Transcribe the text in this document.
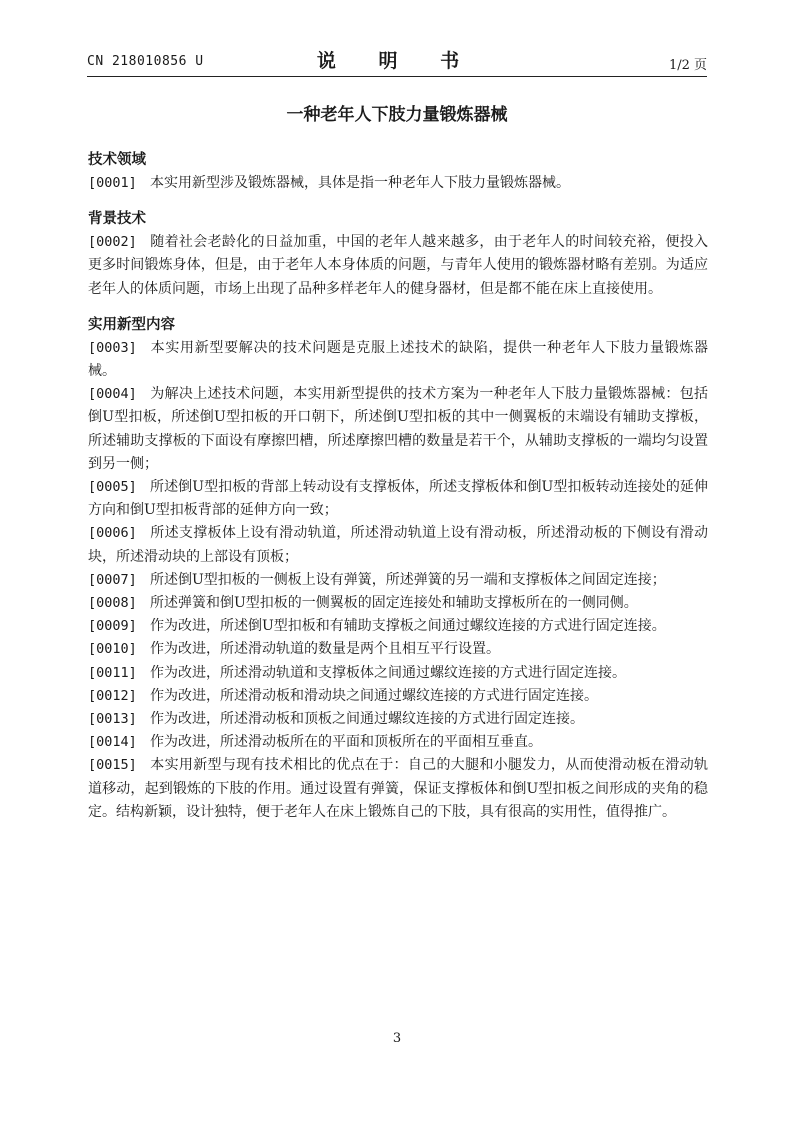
CN 218010856 U	说 明 书	1/2 页
一种老年人下肢力量锻炼器械
技术领域

[0001] 本实用新型涉及锻炼器械，具体是指一种老年人下肢力量锻炼器械。

背景技术

[0002] 随着社会老龄化的日益加重，中国的老年人越来越多，由于老年人的时间较充裕，便投入更多时间锻炼身体，但是，由于老年人本身体质的问题，与青年人使用的锻炼器材略有差别。为适应老年人的体质问题，市场上出现了品种多样老年人的健身器材，但是都不能在床上直接使用。

实用新型内容

[0003] 本实用新型要解决的技术问题是克服上述技术的缺陷，提供一种老年人下肢力量锻炼器械。

[0004] 为解决上述技术问题，本实用新型提供的技术方案为一种老年人下肢力量锻炼器械：包括倒U型扣板，所述倒U型扣板的开口朝下，所述倒U型扣板的其中一侧翼板的末端设有辅助支撑板，所述辅助支撑板的下面设有摩擦凹槽，所述摩擦凹槽的数量是若干个，从辅助支撑板的一端均匀设置到另一侧；

[0005] 所述倒U型扣板的背部上转动设有支撑板体，所述支撑板体和倒U型扣板转动连接处的延伸方向和倒U型扣板背部的延伸方向一致；

[0006] 所述支撑板体上设有滑动轨道，所述滑动轨道上设有滑动板，所述滑动板的下侧设有滑动块，所述滑动块的上部设有顶板；

[0007] 所述倒U型扣板的一侧板上设有弹簧，所述弹簧的另一端和支撑板体之间固定连接；

[0008] 所述弹簧和倒U型扣板的一侧翼板的固定连接处和辅助支撑板所在的一侧同侧。

[0009] 作为改进，所述倒U型扣板和有辅助支撑板之间通过螺纹连接的方式进行固定连接。

[0010] 作为改进，所述滑动轨道的数量是两个且相互平行设置。

[0011] 作为改进，所述滑动轨道和支撑板体之间通过螺纹连接的方式进行固定连接。

[0012] 作为改进，所述滑动板和滑动块之间通过螺纹连接的方式进行固定连接。

[0013] 作为改进，所述滑动板和顶板之间通过螺纹连接的方式进行固定连接。

[0014] 作为改进，所述滑动板所在的平面和顶板所在的平面相互垂直。

[0015] 本实用新型与现有技术相比的优点在于：自己的大腿和小腿发力，从而使滑动板在滑动轨道移动，起到锻炼的下肢的作用。通过设置有弹簧，保证支撑板体和倒U型扣板之间形成的夹角的稳定。结构新颖，设计独特，便于老年人在床上锻炼自己的下肢，具有很高的实用性，值得推广。

3
